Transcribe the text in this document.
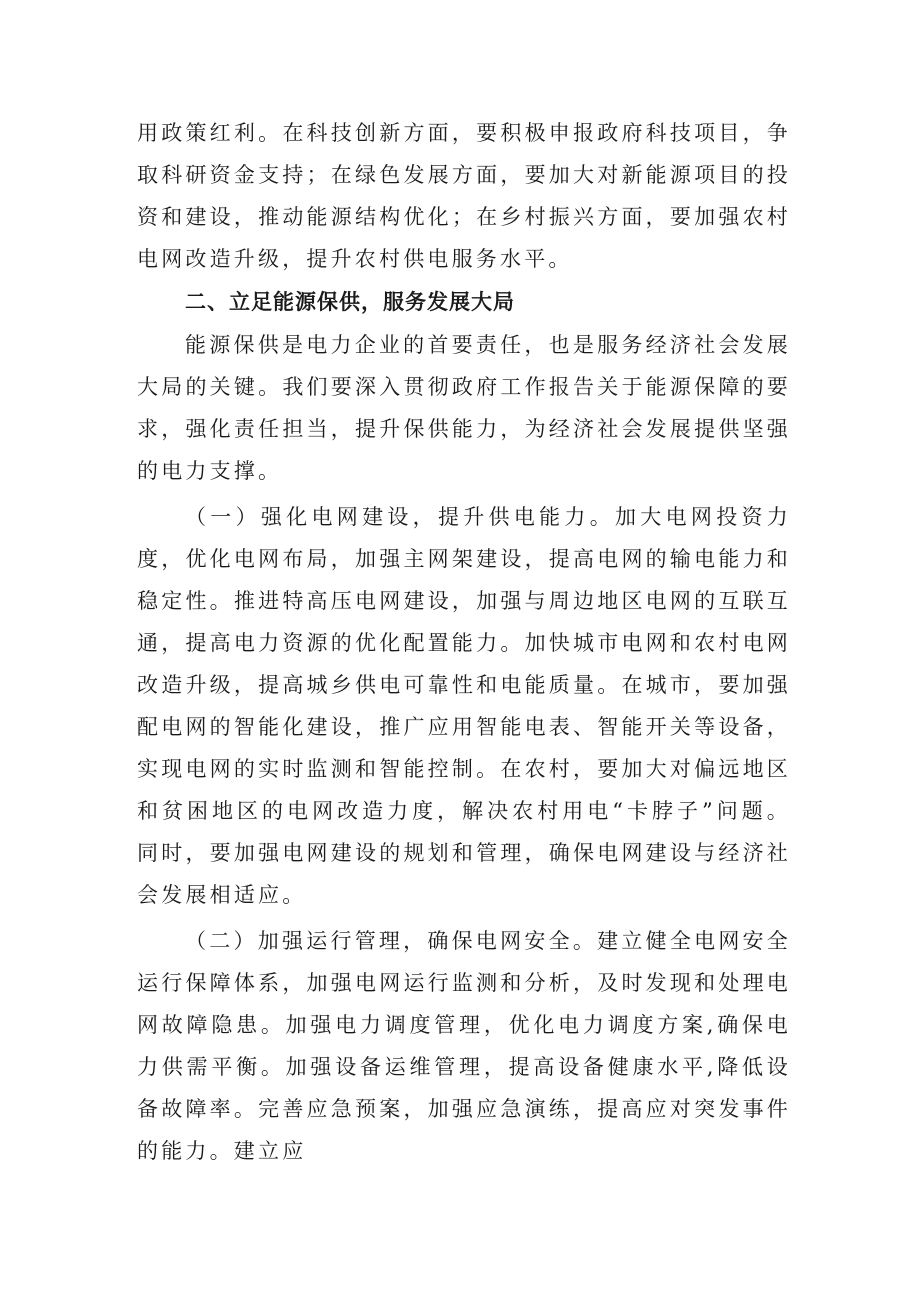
用政策红利。在科技创新方面，要积极申报政府科技项目，争取科研资金支持；在绿色发展方面，要加大对新能源项目的投资和建设，推动能源结构优化；在乡村振兴方面，要加强农村电网改造升级，提升农村供电服务水平。

二、立足能源保供，服务发展大局

能源保供是电力企业的首要责任，也是服务经济社会发展大局的关键。我们要深入贯彻政府工作报告关于能源保障的要求，强化责任担当，提升保供能力，为经济社会发展提供坚强的电力支撑。

（一）强化电网建设，提升供电能力。加大电网投资力度，优化电网布局，加强主网架建设，提高电网的输电能力和稳定性。推进特高压电网建设，加强与周边地区电网的互联互通，提高电力资源的优化配置能力。加快城市电网和农村电网改造升级，提高城乡供电可靠性和电能质量。在城市，要加强配电网的智能化建设，推广应用智能电表、智能开关等设备，实现电网的实时监测和智能控制。在农村，要加大对偏远地区和贫困地区的电网改造力度，解决农村用电“卡脖子”问题。同时，要加强电网建设的规划和管理，确保电网建设与经济社会发展相适应。

（二）加强运行管理，确保电网安全。建立健全电网安全运行保障体系，加强电网运行监测和分析，及时发现和处理电网故障隐患。加强电力调度管理，优化电力调度方案,确保电力供需平衡。加强设备运维管理，提高设备健康水平,降低设备故障率。完善应急预案，加强应急演练，提高应对突发事件的能力。建立应
